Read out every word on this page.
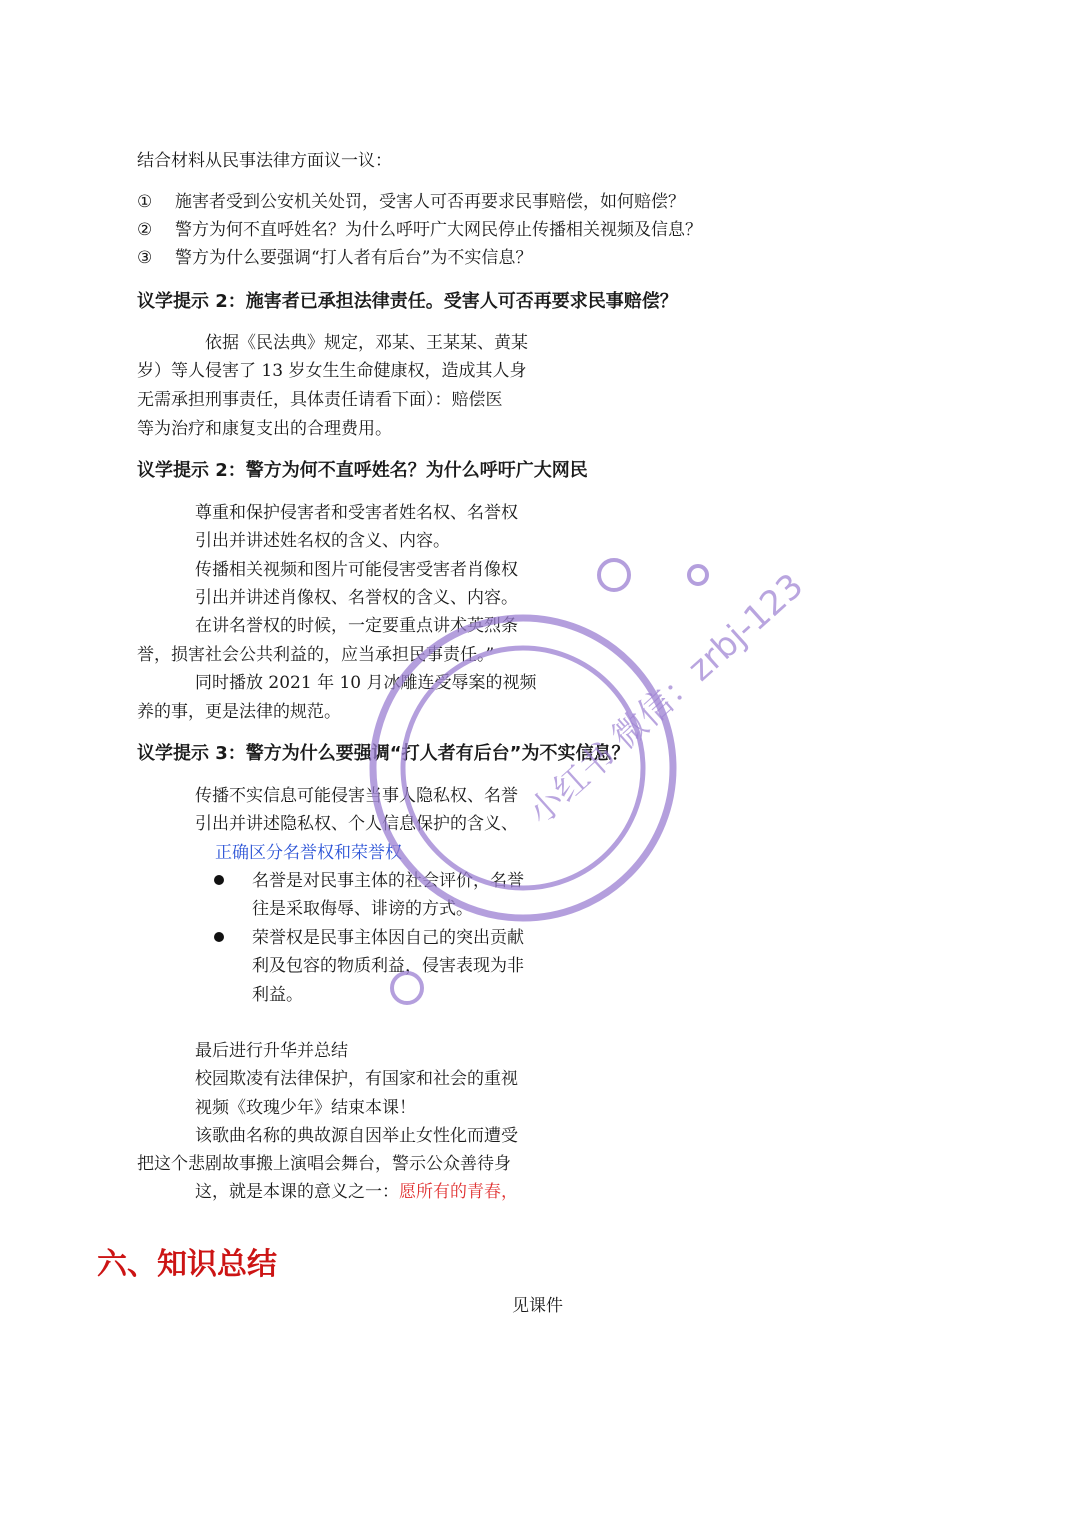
结合材料从民事法律方面议一议：
① 施害者受到公安机关处罚，受害人可否再要求民事赔偿，如何赔偿？
② 警方为何不直呼姓名？为什么呼吁广大网民停止传播相关视频及信息？
③ 警方为什么要强调“打人者有后台”为不实信息？
议学提示 2：施害者已承担法律责任。受害人可否再要求民事赔偿？
依据《民法典》规定，邓某、王某某、黄某
岁）等人侵害了 13 岁女生生命健康权，造成其人身
无需承担刑事责任，具体责任请看下面）：赔偿医
等为治疗和康复支出的合理费用。
议学提示 2：警方为何不直呼姓名？为什么呼吁广大网民
尊重和保护侵害者和受害者姓名权、名誉权
引出并讲述姓名权的含义、内容。
传播相关视频和图片可能侵害受害者肖像权
引出并讲述肖像权、名誉权的含义、内容。
在讲名誉权的时候，一定要重点讲术英烈条
誉，损害社会公共利益的，应当承担民事责任。”
同时播放 2021 年 10 月冰雕连受辱案的视频
养的事，更是法律的规范。
议学提示 3：警方为什么要强调“打人者有后台”为不实信息？
传播不实信息可能侵害当事人隐私权、名誉
引出并讲述隐私权、个人信息保护的含义、
正确区分名誉权和荣誉权
名誉是对民事主体的社会评价，名誉
往是采取侮辱、诽谤的方式。
荣誉权是民事主体因自己的突出贡献
利及包容的物质利益，侵害表现为非
利益。
最后进行升华并总结
校园欺凌有法律保护，有国家和社会的重视
视频《玫瑰少年》结束本课！
该歌曲名称的典故源自因举止女性化而遭受
把这个悲剧故事搬上演唱会舞台，警示公众善待身
这，就是本课的意义之一：愿所有的青春，
六、知识总结
见课件
小红书 微信：zrbj-123
